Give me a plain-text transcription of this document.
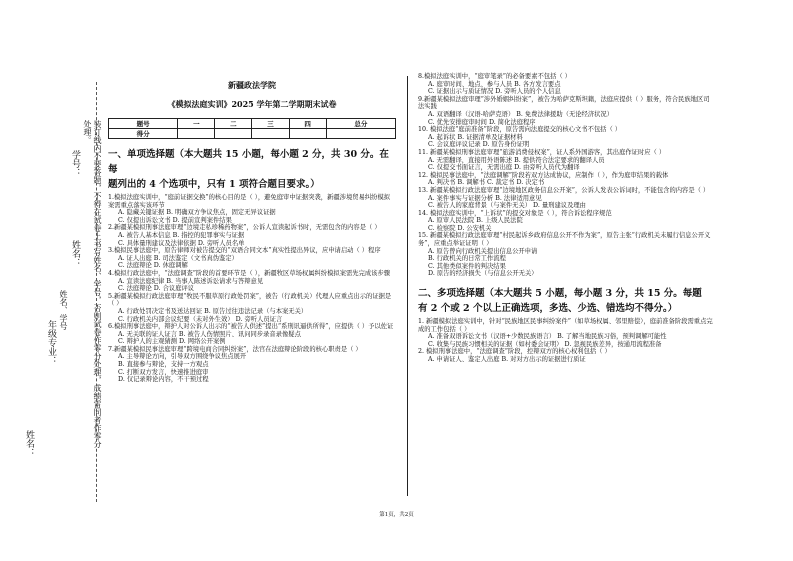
学号：
姓名：	装订线内不要答题，不得在试卷上书写姓名、学号，否则试卷作零分处理，成绩雷同者作零分处理。
姓名、学号
年级专业：
姓名：
新疆政法学院
《模拟法庭实训》2025 学年第二学期期末试卷
题号	一	二	三	四	总分
得分					
一、单项选择题（本大题共 15 小题，每小题 2 分，共 30 分。在每
题列出的 4 个选项中，只有 1 项符合题目要求。）

1.模拟法庭实训中，“庭前证据交换”的核心目的是（ ），避免庭审中证据突袭，新疆涉境贸易纠纷模拟案需重点落实该环节

A. 隐藏关键证据 B. 明确双方争议焦点，固定无异议证据

C. 仅提出诉讼文书 D. 提前宣判案件结果

2.新疆某模拟刑事法庭审理“边境走私珍稀药物案”，公诉人宣读起诉书时，无需包含的内容是（ ）

A. 被告人基本信息 B. 指控的犯罪事实与证据

C. 具体量刑建议及法律依据 D. 旁听人员名单

3.模拟民事法庭中，原告律师对被告提交的“双语合同文本”真实性提出异议，应申请启动（ ）程序

A. 证人出庭 B. 司法鉴定（文书真伪鉴定）

C. 法庭辩论 D. 休庭调解

4.模拟行政法庭中，“法庭调查”阶段的首要环节是（ ），新疆牧区草场权属纠纷模拟案需先完成该步骤

A. 宣读法庭纪律 B. 当事人陈述诉讼请求与答辩意见

C. 法庭辩论 D. 合议庭评议

5.新疆某模拟行政法庭审理“牧民不服草原行政处罚案”，被告（行政机关）代理人应重点出示的证据是（ ）

A. 行政处罚决定书及送达回证 B. 原告过往违法记录（与本案无关）

C. 行政机关内部会议纪要（未对外生效） D. 旁听人员证言

6.模拟刑事法庭中，辩护人对公诉人出示的“被告人供述”提出“系刑讯逼供所得”，应提供（ ）予以佐证

A. 无关联的证人证言 B. 被告人伤情照片、讯问同步录音录像疑点

C. 辩护人的主观猜测 D. 网络公开案例

7.新疆某模拟民事法庭审理“跨境电商合同纠纷案”，法官在法庭辩论阶段的核心职责是（ ）

A. 主导辩论方向，引导双方围绕争议焦点展开

B. 直接参与辩论，支持一方观点

C. 打断双方发言，快速推进庭审

D. 仅记录辩论内容，不干预过程

8.模拟法庭实训中，“庭审笔录”的必备要素不包括（ ）

A. 庭审时间、地点、参与人员 B. 各方发言要点

C. 证据出示与质证情况 D. 旁听人员的个人信息

9.新疆某模拟法庭审理“涉外婚姻纠纷案”，被告为哈萨克斯坦籍，法庭应提供（ ）服务，符合民族地区司法实践

A. 双语翻译（汉语-哈萨克语） B. 免费法律援助（无论经济状况）

C. 优先安排庭审时间 D. 简化法庭程序

10. 模拟法庭“庭前准备”阶段，原告需向法庭提交的核心文书不包括（ ）

A. 起诉状 B. 证据清单及证据材料

C. 会议庭评议记录 D. 原告身份证明

11. 新疆某模拟刑事法庭审理“旅游消费侵权案”，证人系外国游客，其出庭作证时应（ ）

A. 无需翻译，直接用外语陈述 B. 提供符合法定要求的翻译人员

C. 仅提交书面证言，无需出庭 D. 由旁听人员代为翻译

12. 模拟民事法庭中，“法庭调解”阶段若双方达成协议，应制作（ ），作为庭审结果的载体

A. 判决书 B. 调解书 C. 裁定书 D. 决定书

13. 新疆某模拟行政法庭审理“边境地区政务信息公开案”，公诉人发表公诉词时，不能包含的内容是（ ）

A. 案件事实与证据分析 B. 法律适用意见

C. 被告人的家庭背景（与案件无关） D. 量刑建议及理由

14. 模拟法庭实训中，“上诉状”的提交对象是（ ），符合诉讼程序规范

A. 原审人民法院 B. 上级人民法院

C. 检察院 D. 公安机关

15. 新疆某模拟行政法庭审理“村民起诉乡政府信息公开不作为案”，原告主张“行政机关未履行信息公开义务”，应重点举证证明（ ）

A. 原告曾向行政机关提出信息公开申请

B. 行政机关的日常工作流程

C. 其他类似案件的判决结果

D. 原告的经济损失（与信息公开无关）

二、多项选择题（本大题共 5 小题，每小题 3 分，共 15 分。每题
有 2 个或 2 个以上正确选项，多选、少选、错选均不得分。）

1. 新疆模拟法庭实训中，针对“民族地区民事纠纷案件”（如草场权属、邻里赔偿），庭前准备阶段需重点完成的工作包括（ ）

A. 准备双语诉讼文书（汉语+少数民族语言） B. 了解当地民族习俗，预判调解可能性

C. 收集与民族习惯相关的证据（如村委会证明） D. 忽视民族差异，按通用流程准备

2. 模拟刑事法庭中，“法庭调查”阶段，控辩双方的核心权利包括（ ）

A. 申请证人、鉴定人出庭 B. 对对方出示的证据进行质证

第1页，共2页
